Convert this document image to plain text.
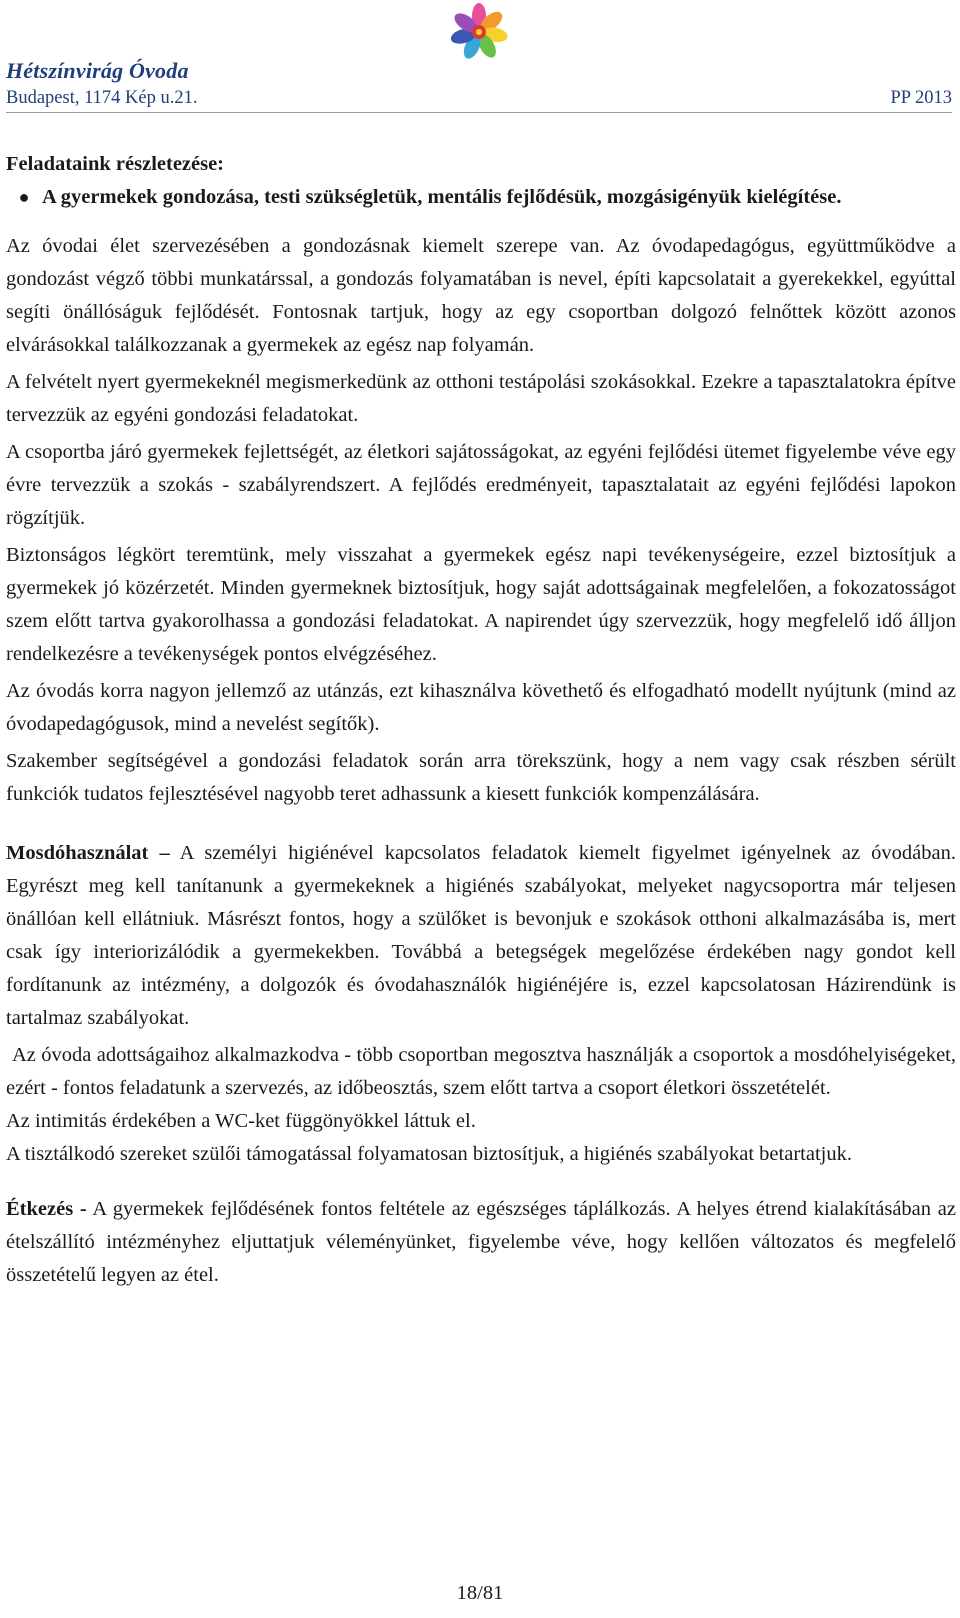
Hétszínvirág Óvoda
Budapest, 1174 Kép u.21.	PP 2013

Feladataink részletezése:

● A gyermekek gondozása, testi szükségletük, mentális fejlődésük, mozgásigényük kielégítése.

Az óvodai élet szervezésében a gondozásnak kiemelt szerepe van. Az óvodapedagógus, együttműködve a gondozást végző többi munkatárssal, a gondozás folyamatában is nevel, építi kapcsolatait a gyerekekkel, egyúttal segíti önállóságuk fejlődését. Fontosnak tartjuk, hogy az egy csoportban dolgozó felnőttek között azonos elvárásokkal találkozzanak a gyermekek az egész nap folyamán.

A felvételt nyert gyermekeknél megismerkedünk az otthoni testápolási szokásokkal. Ezekre a tapasztalatokra építve tervezzük az egyéni gondozási feladatokat.

A csoportba járó gyermekek fejlettségét, az életkori sajátosságokat, az egyéni fejlődési ütemet figyelembe véve egy évre tervezzük a szokás - szabályrendszert. A fejlődés eredményeit, tapasztalatait az egyéni fejlődési lapokon rögzítjük.

Biztonságos légkört teremtünk, mely visszahat a gyermekek egész napi tevékenységeire, ezzel biztosítjuk a gyermekek jó közérzetét. Minden gyermeknek biztosítjuk, hogy saját adottságainak megfelelően, a fokozatosságot szem előtt tartva gyakorolhassa a gondozási feladatokat. A napirendet úgy szervezzük, hogy megfelelő idő álljon rendelkezésre a tevékenységek pontos elvégzéséhez.

Az óvodás korra nagyon jellemző az utánzás, ezt kihasználva követhető és elfogadható modellt nyújtunk (mind az óvodapedagógusok, mind a nevelést segítők).

Szakember segítségével a gondozási feladatok során arra törekszünk, hogy a nem vagy csak részben sérült funkciók tudatos fejlesztésével nagyobb teret adhassunk a kiesett funkciók kompenzálására.

Mosdóhasználat – A személyi higiénével kapcsolatos feladatok kiemelt figyelmet igényelnek az óvodában. Egyrészt meg kell tanítanunk a gyermekeknek a higiénés szabályokat, melyeket nagycsoportra már teljesen önállóan kell ellátniuk. Másrészt fontos, hogy a szülőket is bevonjuk e szokások otthoni alkalmazásába is, mert csak így interiorizálódik a gyermekekben. Továbbá a betegségek megelőzése érdekében nagy gondot kell fordítanunk az intézmény, a dolgozók és óvodahasználók higiénéjére is, ezzel kapcsolatosan Házirendünk is tartalmaz szabályokat.

Az óvoda adottságaihoz alkalmazkodva - több csoportban megosztva használják a csoportok a mosdóhelyiségeket, ezért - fontos feladatunk a szervezés, az időbeosztás, szem előtt tartva a csoport életkori összetételét.

Az intimitás érdekében a WC-ket függönyökkel láttuk el.

A tisztálkodó szereket szülői támogatással folyamatosan biztosítjuk, a higiénés szabályokat betartatjuk.

Étkezés - A gyermekek fejlődésének fontos feltétele az egészséges táplálkozás. A helyes étrend kialakításában az ételszállító intézményhez eljuttatjuk véleményünket, figyelembe véve, hogy kellően változatos és megfelelő összetételű legyen az étel.

18/81
